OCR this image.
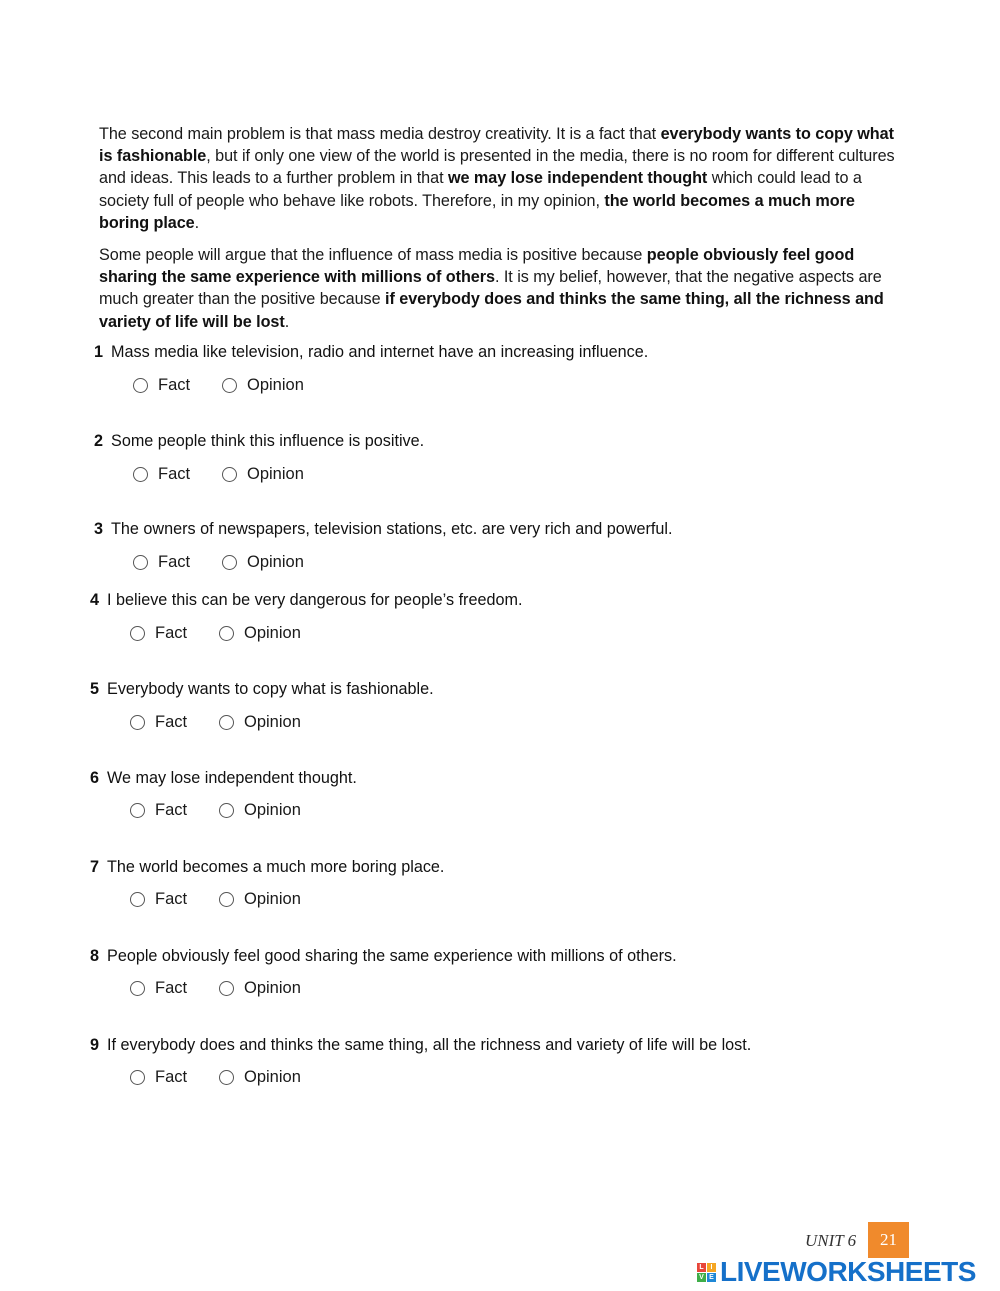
The second main problem is that mass media destroy creativity. It is a fact that everybody wants to copy what is fashionable, but if only one view of the world is presented in the media, there is no room for different cultures and ideas. This leads to a further problem in that we may lose independent thought which could lead to a society full of people who behave like robots. Therefore, in my opinion, the world becomes a much more boring place.

Some people will argue that the influence of mass media is positive because people obviously feel good sharing the same experience with millions of others. It is my belief, however, that the negative aspects are much greater than the positive because if everybody does and thinks the same thing, all the richness and variety of life will be lost.

1 Mass media like television, radio and internet have an increasing influence.
Fact	Opinion
2 Some people think this influence is positive.
Fact	Opinion
3 The owners of newspapers, television stations, etc. are very rich and powerful.
Fact	Opinion
4 I believe this can be very dangerous for people’s freedom.
Fact	Opinion
5 Everybody wants to copy what is fashionable.
Fact	Opinion
6 We may lose independent thought.
Fact	Opinion
7 The world becomes a much more boring place.
Fact	Opinion
8 People obviously feel good sharing the same experience with millions of others.
Fact	Opinion
9 If everybody does and thinks the same thing, all the richness and variety of life will be lost.
Fact	Opinion
UNIT 6 21
L I
V E LIVEWORKSHEETS
